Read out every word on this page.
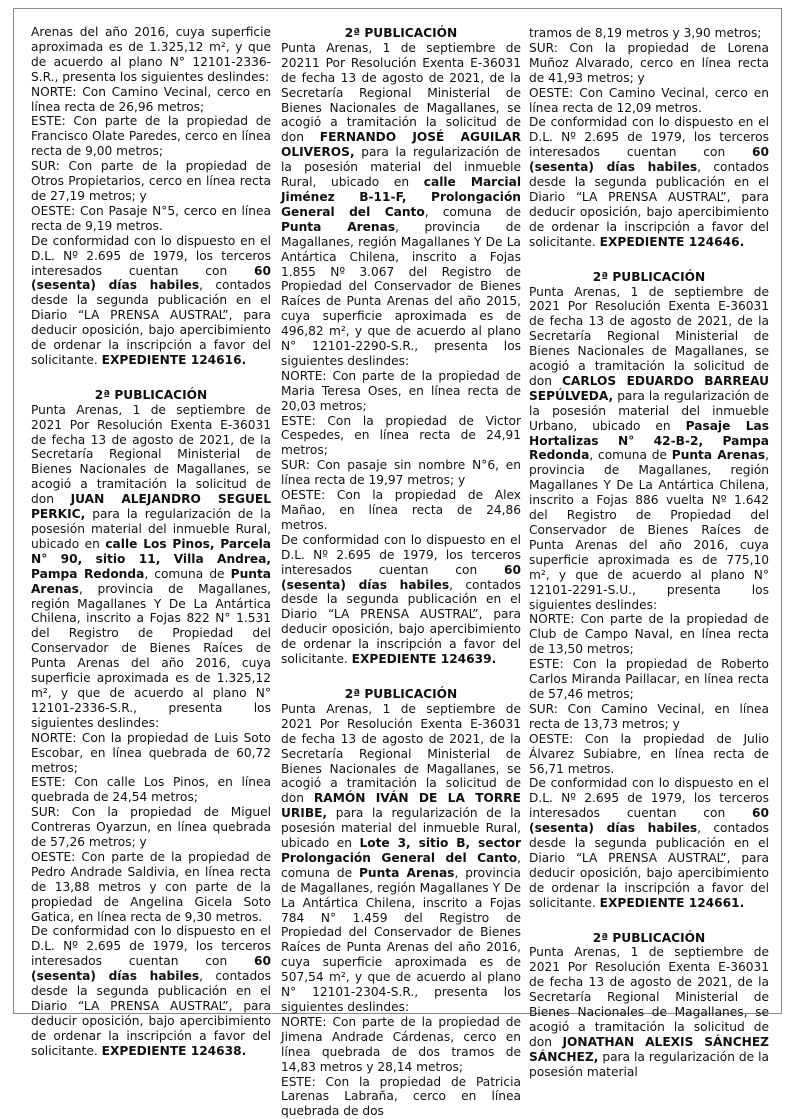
Arenas del año 2016, cuya superficie aproximada es de 1.325,12 m², y que de acuerdo al plano N° 12101-2336-S.R., presenta los siguientes deslindes:

NORTE: Con Camino Vecinal, cerco en línea recta de 26,96 metros;

ESTE: Con parte de la propiedad de Francisco Olate Paredes, cerco en línea recta de 9,00 metros;

SUR: Con parte de la propiedad de Otros Propietarios, cerco en línea recta de 27,19 metros; y

OESTE: Con Pasaje N°5, cerco en línea recta de 9,19 metros.

De conformidad con lo dispuesto en el D.L. Nº 2.695 de 1979, los terceros interesados cuentan con 60 (sesenta) días habiles, contados desde la segunda publicación en el Diario “LA PRENSA AUSTRAL”, para deducir oposición, bajo apercibimiento de ordenar la inscripción a favor del solicitante. EXPEDIENTE 124616.

2ª PUBLICACIÓN

Punta Arenas, 1 de septiembre de 2021 Por Resolución Exenta E-36031 de fecha 13 de agosto de 2021, de la Secretaría Regional Ministerial de Bienes Nacionales de Magallanes, se acogió a tramitación la solicitud de don JUAN ALEJANDRO SEGUEL PERKIC, para la regularización de la posesión material del inmueble Rural, ubicado en calle Los Pinos, Parcela N° 90, sitio 11, Villa Andrea, Pampa Redonda, comuna de Punta Arenas, provincia de Magallanes, región Magallanes Y De La Antártica Chilena, inscrito a Fojas 822 N° 1.531 del Registro de Propiedad del Conservador de Bienes Raíces de Punta Arenas del año 2016, cuya superficie aproximada es de 1.325,12 m², y que de acuerdo al plano N° 12101-2336-S.R., presenta los siguientes deslindes:

NORTE: Con la propiedad de Luis Soto Escobar, en línea quebrada de 60,72 metros;

ESTE: Con calle Los Pinos, en línea quebrada de 24,54 metros;

SUR: Con la propiedad de Miguel Contreras Oyarzun, en línea quebrada de 57,26 metros; y

OESTE: Con parte de la propiedad de Pedro Andrade Saldivia, en línea recta de 13,88 metros y con parte de la propiedad de Angelina Gicela Soto Gatica, en línea recta de 9,30 metros.

De conformidad con lo dispuesto en el D.L. Nº 2.695 de 1979, los terceros interesados cuentan con 60 (sesenta) días habiles, contados desde la segunda publicación en el Diario “LA PRENSA AUSTRAL”, para deducir oposición, bajo apercibimiento de ordenar la inscripción a favor del solicitante. EXPEDIENTE 124638.

2ª PUBLICACIÓN

Punta Arenas, 1 de septiembre de 20211 Por Resolución Exenta E-36031 de fecha 13 de agosto de 2021, de la Secretaría Regional Ministerial de Bienes Nacionales de Magallanes, se acogió a tramitación la solicitud de don FERNANDO JOSÉ AGUILAR OLIVEROS, para la regularización de la posesión material del inmueble Rural, ubicado en calle Marcial Jiménez B-11-F, Prolongación General del Canto, comuna de Punta Arenas, provincia de Magallanes, región Magallanes Y De La Antártica Chilena, inscrito a Fojas 1.855 Nº 3.067 del Registro de Propiedad del Conservador de Bienes Raíces de Punta Arenas del año 2015, cuya superficie aproximada es de 496,82 m², y que de acuerdo al plano N° 12101-2290-S.R., presenta los siguientes deslindes:

NORTE: Con parte de la propiedad de Maria Teresa Oses, en línea recta de 20,03 metros;

ESTE: Con la propiedad de Victor Cespedes, en línea recta de 24,91 metros;

SUR: Con pasaje sin nombre N°6, en línea recta de 19,97 metros; y

OESTE: Con la propiedad de Alex Mañao, en línea recta de 24,86 metros.

De conformidad con lo dispuesto en el D.L. Nº 2.695 de 1979, los terceros interesados cuentan con 60 (sesenta) días habiles, contados desde la segunda publicación en el Diario “LA PRENSA AUSTRAL”, para deducir oposición, bajo apercibimiento de ordenar la inscripción a favor del solicitante. EXPEDIENTE 124639.

2ª PUBLICACIÓN

Punta Arenas, 1 de septiembre de 2021 Por Resolución Exenta E-36031 de fecha 13 de agosto de 2021, de la Secretaría Regional Ministerial de Bienes Nacionales de Magallanes, se acogió a tramitación la solicitud de don RAMÓN IVÁN DE LA TORRE URIBE, para la regularización de la posesión material del inmueble Rural, ubicado en Lote 3, sitio B, sector Prolongación General del Canto, comuna de Punta Arenas, provincia de Magallanes, región Magallanes Y De La Antártica Chilena, inscrito a Fojas 784 N° 1.459 del Registro de Propiedad del Conservador de Bienes Raíces de Punta Arenas del año 2016, cuya superficie aproximada es de 507,54 m², y que de acuerdo al plano N° 12101-2304-S.R., presenta los siguientes deslindes:

NORTE: Con parte de la propiedad de Jimena Andrade Cárdenas, cerco en línea quebrada de dos tramos de 14,83 metros y 28,14 metros;

ESTE: Con la propiedad de Patricia Larenas Labraña, cerco en línea quebrada de dos

tramos de 8,19 metros y 3,90 metros;

SUR: Con la propiedad de Lorena Muñoz Alvarado, cerco en línea recta de 41,93 metros; y

OESTE: Con Camino Vecinal, cerco en línea recta de 12,09 metros.

De conformidad con lo dispuesto en el D.L. Nº 2.695 de 1979, los terceros interesados cuentan con 60 (sesenta) días habiles, contados desde la segunda publicación en el Diario “LA PRENSA AUSTRAL”, para deducir oposición, bajo apercibimiento de ordenar la inscripción a favor del solicitante. EXPEDIENTE 124646.

2ª PUBLICACIÓN

Punta Arenas, 1 de septiembre de 2021 Por Resolución Exenta E-36031 de fecha 13 de agosto de 2021, de la Secretaría Regional Ministerial de Bienes Nacionales de Magallanes, se acogió a tramitación la solicitud de don CARLOS EDUARDO BARREAU SEPÚLVEDA, para la regularización de la posesión material del inmueble Urbano, ubicado en Pasaje Las Hortalizas N° 42-B-2, Pampa Redonda, comuna de Punta Arenas, provincia de Magallanes, región Magallanes Y De La Antártica Chilena, inscrito a Fojas 886 vuelta Nº 1.642 del Registro de Propiedad del Conservador de Bienes Raíces de Punta Arenas del año 2016, cuya superficie aproximada es de 775,10 m², y que de acuerdo al plano N° 12101-2291-S.U., presenta los siguientes deslindes:

NORTE: Con parte de la propiedad de Club de Campo Naval, en línea recta de 13,50 metros;

ESTE: Con la propiedad de Roberto Carlos Miranda Paillacar, en línea recta de 57,46 metros;

SUR: Con Camino Vecinal, en línea recta de 13,73 metros; y

OESTE: Con la propiedad de Julio Álvarez Subiabre, en línea recta de 56,71 metros.

De conformidad con lo dispuesto en el D.L. Nº 2.695 de 1979, los terceros interesados cuentan con 60 (sesenta) días habiles, contados desde la segunda publicación en el Diario “LA PRENSA AUSTRAL”, para deducir oposición, bajo apercibimiento de ordenar la inscripción a favor del solicitante. EXPEDIENTE 124661.

2ª PUBLICACIÓN

Punta Arenas, 1 de septiembre de 2021 Por Resolución Exenta E-36031 de fecha 13 de agosto de 2021, de la Secretaría Regional Ministerial de Bienes Nacionales de Magallanes, se acogió a tramitación la solicitud de don JONATHAN ALEXIS SÁNCHEZ SÁNCHEZ, para la regularización de la posesión material
